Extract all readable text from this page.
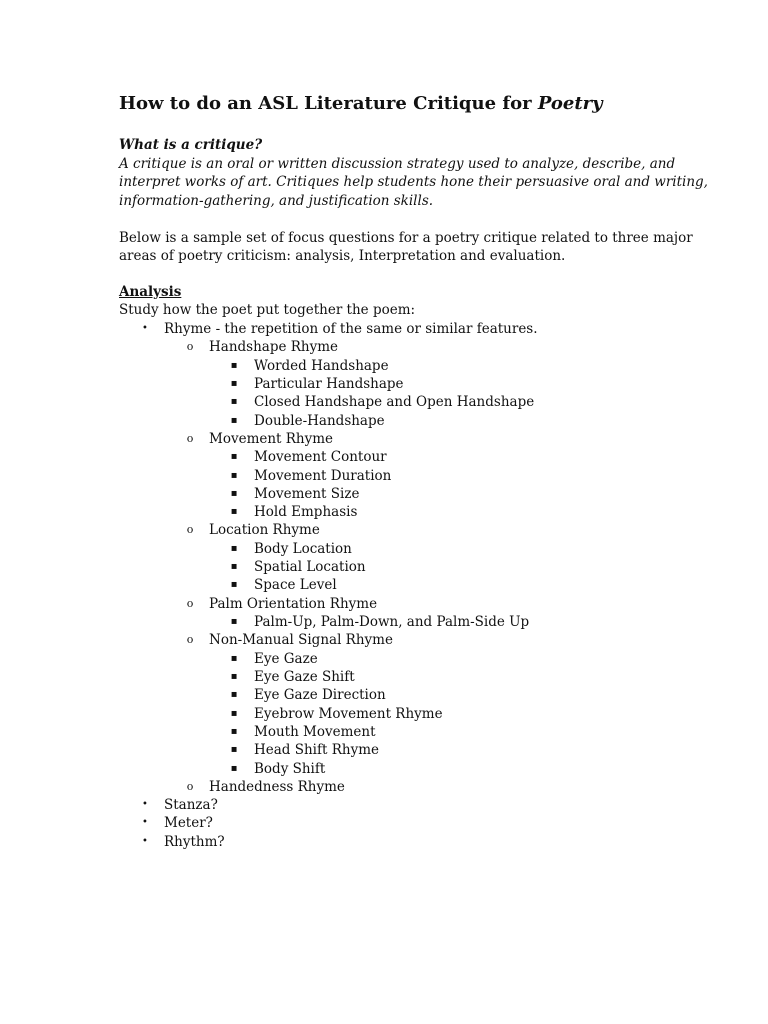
How to do an ASL Literature Critique for Poetry

What is a critique?

A critique is an oral or written discussion strategy used to analyze, describe, and
interpret works of art. Critiques help students hone their persuasive oral and writing,
information-gathering, and justification skills.

Below is a sample set of focus questions for a poetry critique related to three major
areas of poetry criticism: analysis, Interpretation and evaluation.

Analysis

Study how the poet put together the poem:

• Rhyme - the repetition of the same or similar features.
o Handshape Rhyme
▪ Worded Handshape
▪ Particular Handshape
▪ Closed Handshape and Open Handshape
▪ Double-Handshape
o Movement Rhyme
▪ Movement Contour
▪ Movement Duration
▪ Movement Size
▪ Hold Emphasis
o Location Rhyme
▪ Body Location
▪ Spatial Location
▪ Space Level
o Palm Orientation Rhyme
▪ Palm-Up, Palm-Down, and Palm-Side Up
o Non-Manual Signal Rhyme
▪ Eye Gaze
▪ Eye Gaze Shift
▪ Eye Gaze Direction
▪ Eyebrow Movement Rhyme
▪ Mouth Movement
▪ Head Shift Rhyme
▪ Body Shift
o Handedness Rhyme
• Stanza?
• Meter?
• Rhythm?
